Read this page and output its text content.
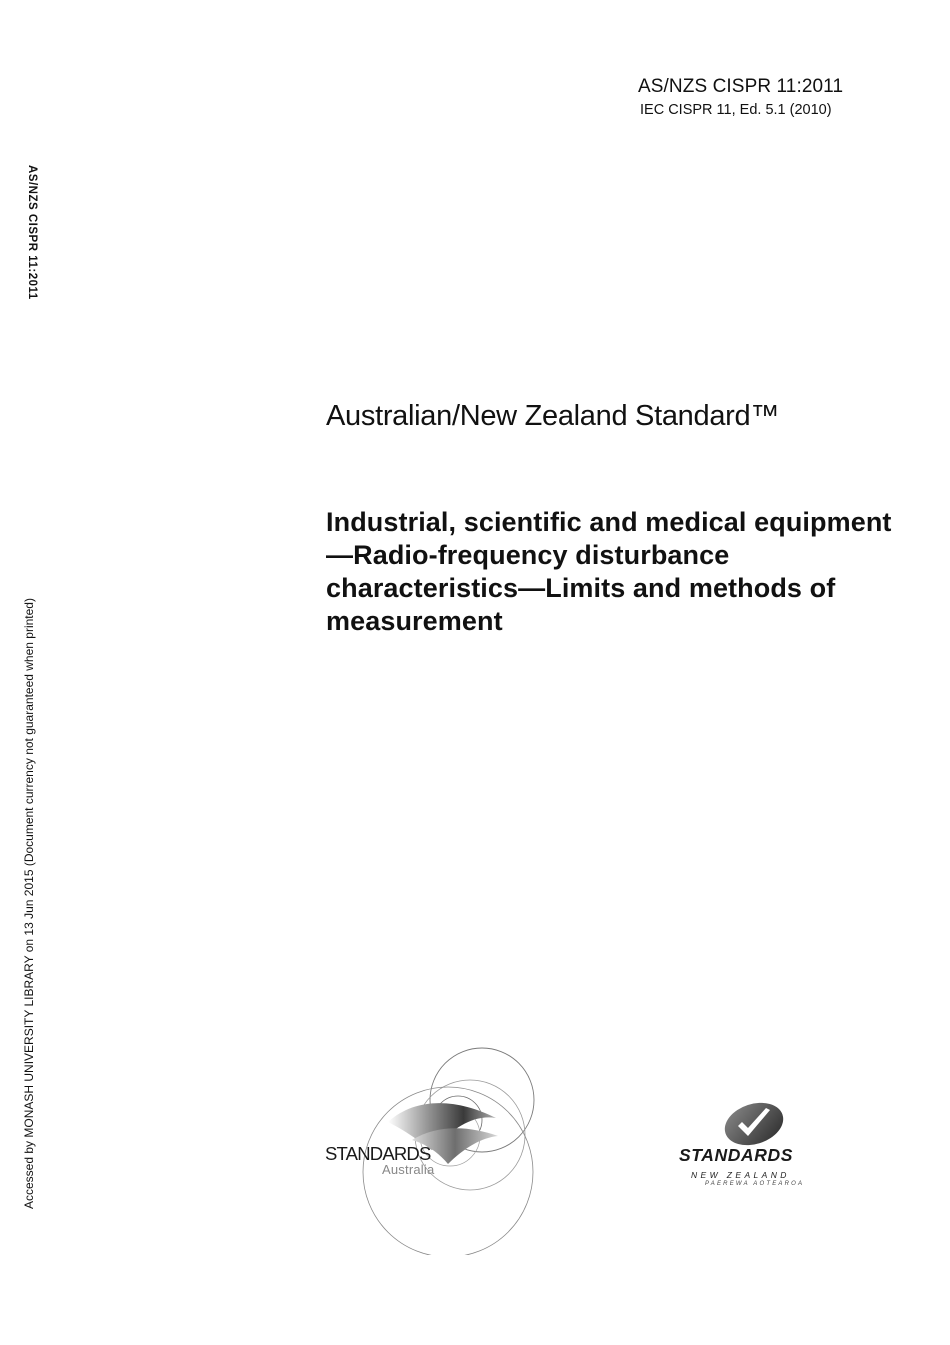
AS/NZS CISPR 11:2011
IEC CISPR 11, Ed. 5.1 (2010)
AS/NZS CISPR 11:2011
Accessed by MONASH UNIVERSITY LIBRARY on 13 Jun 2015 (Document currency not guaranteed when printed)
Australian/New Zealand Standard™
Industrial, scientific and medical equipment—Radio-frequency disturbance characteristics—Limits and methods of measurement
STANDARDS
Australia
STANDARDS
NEW ZEALAND
PAEREWA AOTEAROA
